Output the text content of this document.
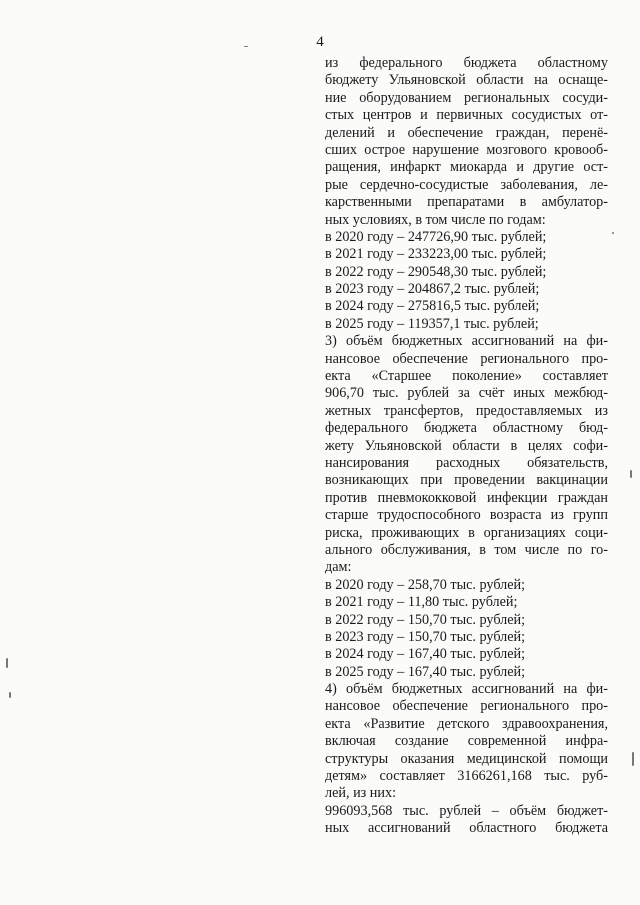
4
из федерального бюджета областному
бюджету Ульяновской области на оснаще-
ние оборудованием региональных сосуди-
стых центров и первичных сосудистых от-
делений и обеспечение граждан, перенё-
сших острое нарушение мозгового кровооб-
ращения, инфаркт миокарда и другие ост-
рые сердечно-сосудистые заболевания, ле-
карственными препаратами в амбулатор-
ных условиях, в том числе по годам:
в 2020 году – 247726,90 тыс. рублей;
в 2021 году – 233223,00 тыс. рублей;
в 2022 году – 290548,30 тыс. рублей;
в 2023 году – 204867,2 тыс. рублей;
в 2024 году – 275816,5 тыс. рублей;
в 2025 году – 119357,1 тыс. рублей;
3) объём бюджетных ассигнований на фи-
нансовое обеспечение регионального про-
екта «Старшее поколение» составляет
906,70 тыс. рублей за счёт иных межбюд-
жетных трансфертов, предоставляемых из
федерального бюджета областному бюд-
жету Ульяновской области в целях софи-
нансирования расходных обязательств,
возникающих при проведении вакцинации
против пневмококковой инфекции граждан
старше трудоспособного возраста из групп
риска, проживающих в организациях соци-
ального обслуживания, в том числе по го-
дам:
в 2020 году – 258,70 тыс. рублей;
в 2021 году – 11,80 тыс. рублей;
в 2022 году – 150,70 тыс. рублей;
в 2023 году – 150,70 тыс. рублей;
в 2024 году – 167,40 тыс. рублей;
в 2025 году – 167,40 тыс. рублей;
4) объём бюджетных ассигнований на фи-
нансовое обеспечение регионального про-
екта «Развитие детского здравоохранения,
включая создание современной инфра-
структуры оказания медицинской помощи
детям» составляет 3166261,168 тыс. руб-
лей, из них:
996093,568 тыс. рублей – объём бюджет-
ных ассигнований областного бюджета
